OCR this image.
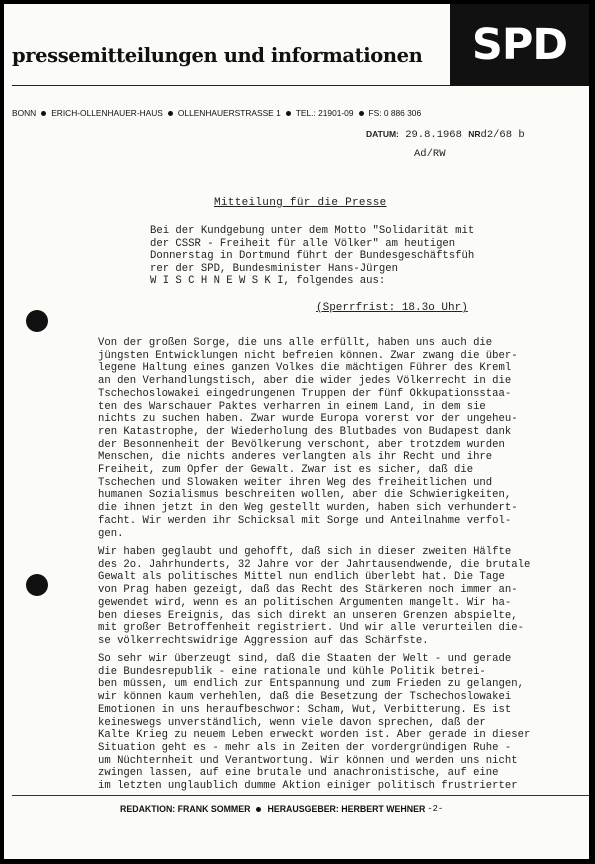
SPD
pressemitteilungen und informationen
BONN ERICH-OLLENHAUER-HAUS OLLENHAUERSTRASSE 1 TEL.: 21901-09 FS: 0 886 306
DATUM: 29.8.1968 NRd2/68 b
Ad/RW
Mitteilung für die Presse
Bei der Kundgebung unter dem Motto "Solidarität mit
der CSSR - Freiheit für alle Völker" am heutigen
Donnerstag in Dortmund führt der Bundesgeschäftsfüh
rer der SPD, Bundesminister Hans-Jürgen
W I S C H N E W S K I, folgendes aus:
(Sperrfrist: 18.3o Uhr)
Von der großen Sorge, die uns alle erfüllt, haben uns auch die
jüngsten Entwicklungen nicht befreien können. Zwar zwang die über-
legene Haltung eines ganzen Volkes die mächtigen Führer des Kreml
an den Verhandlungstisch, aber die wider jedes Völkerrecht in die
Tschechoslowakei eingedrungenen Truppen der fünf Okkupationsstaa-
ten des Warschauer Paktes verharren in einem Land, in dem sie
nichts zu suchen haben. Zwar wurde Europa vorerst vor der ungeheu-
ren Katastrophe, der Wiederholung des Blutbades von Budapest dank
der Besonnenheit der Bevölkerung verschont, aber trotzdem wurden
Menschen, die nichts anderes verlangten als ihr Recht und ihre
Freiheit, zum Opfer der Gewalt. Zwar ist es sicher, daß die
Tschechen und Slowaken weiter ihren Weg des freiheitlichen und
humanen Sozialismus beschreiten wollen, aber die Schwierigkeiten,
die ihnen jetzt in den Weg gestellt wurden, haben sich verhundert-
facht. Wir werden ihr Schicksal mit Sorge und Anteilnahme verfol-
gen.
Wir haben geglaubt und gehofft, daß sich in dieser zweiten Hälfte
des 2o. Jahrhunderts, 32 Jahre vor der Jahrtausendwende, die brutale
Gewalt als politisches Mittel nun endlich überlebt hat. Die Tage
von Prag haben gezeigt, daß das Recht des Stärkeren noch immer an-
gewendet wird, wenn es an politischen Argumenten mangelt. Wir ha-
ben dieses Ereignis, das sich direkt an unseren Grenzen abspielte,
mit großer Betroffenheit registriert. Und wir alle verurteilen die-
se völkerrechtswidrige Aggression auf das Schärfste.
So sehr wir überzeugt sind, daß die Staaten der Welt - und gerade
die Bundesrepublik - eine rationale und kühle Politik betrei-
ben müssen, um endlich zur Entspannung und zum Frieden zu gelangen,
wir können kaum verhehlen, daß die Besetzung der Tschechoslowakei
Emotionen in uns heraufbeschwor: Scham, Wut, Verbitterung. Es ist
keineswegs unverständlich, wenn viele davon sprechen, daß der
Kalte Krieg zu neuem Leben erweckt worden ist. Aber gerade in dieser
Situation geht es - mehr als in Zeiten der vordergründigen Ruhe -
um Nüchternheit und Verantwortung. Wir können und werden uns nicht
zwingen lassen, auf eine brutale und anachronistische, auf eine
im letzten unglaublich dumme Aktion einiger politisch frustrierter
REDAKTION: FRANK SOMMER HERAUSGEBER: HERBERT WEHNER -2-
